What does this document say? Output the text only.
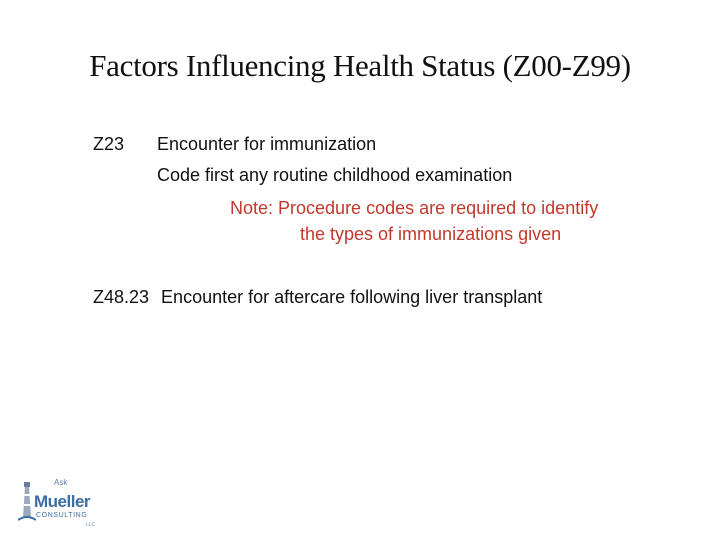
Factors Influencing Health Status (Z00-Z99)
Z23 Encounter for immunization
Code first any routine childhood examination
Note: Procedure codes are required to identify
the types of immunizations given
Z48.23 Encounter for aftercare following liver transplant
Ask
Mueller
CONSULTING
LLC
